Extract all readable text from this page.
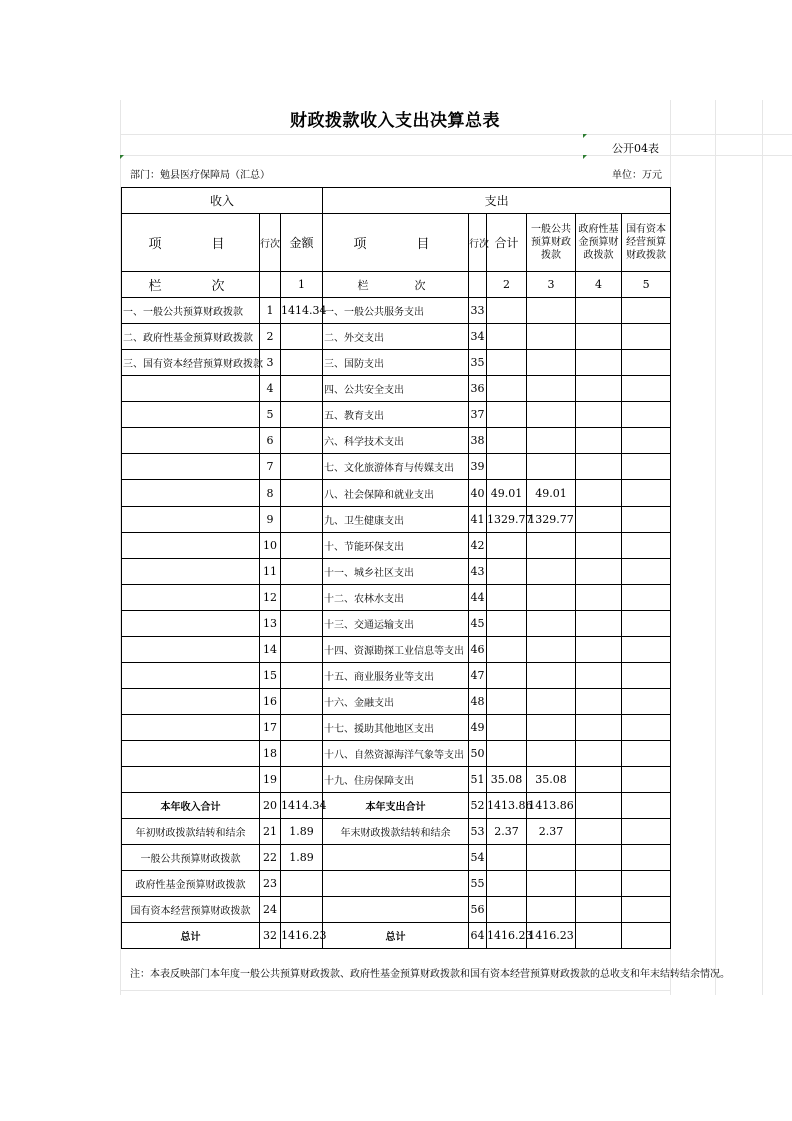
财政拨款收入支出决算总表
公开04表
部门：勉县医疗保障局（汇总）	单位：万元
收入			支出					
项　　目	行次	金额	项　　目	行次	合计	一般公共预算财政拨款	政府性基金预算财政拨款	国有资本经营预算财政拨款
栏　　次		1	栏　　次		2	3	4	5
一、一般公共预算财政拨款	1	1414.34	一、一般公共服务支出	33				
二、政府性基金预算财政拨款	2		二、外交支出	34				
三、国有资本经营预算财政拨款	3		三、国防支出	35				
	4		四、公共安全支出	36				
	5		五、教育支出	37				
	6		六、科学技术支出	38				
	7		七、文化旅游体育与传媒支出	39				
	8		八、社会保障和就业支出	40	49.01	49.01		
	9		九、卫生健康支出	41	1329.77	1329.77		
	10		十、节能环保支出	42				
	11		十一、城乡社区支出	43				
	12		十二、农林水支出	44				
	13		十三、交通运输支出	45				
	14		十四、资源勘探工业信息等支出	46				
	15		十五、商业服务业等支出	47				
	16		十六、金融支出	48				
	17		十七、援助其他地区支出	49				
	18		十八、自然资源海洋气象等支出	50				
	19		十九、住房保障支出	51	35.08	35.08		
本年收入合计	20	1414.34	本年支出合计	52	1413.86	1413.86		
年初财政拨款结转和结余	21	1.89	年末财政拨款结转和结余	53	2.37	2.37		
一般公共预算财政拨款	22	1.89		54				
政府性基金预算财政拨款	23			55				
国有资本经营预算财政拨款	24			56				
总计	32	1416.23	总计	64	1416.23	1416.23		
注：本表反映部门本年度一般公共预算财政拨款、政府性基金预算财政拨款和国有资本经营预算财政拨款的总收支和年末结转结余情况。
